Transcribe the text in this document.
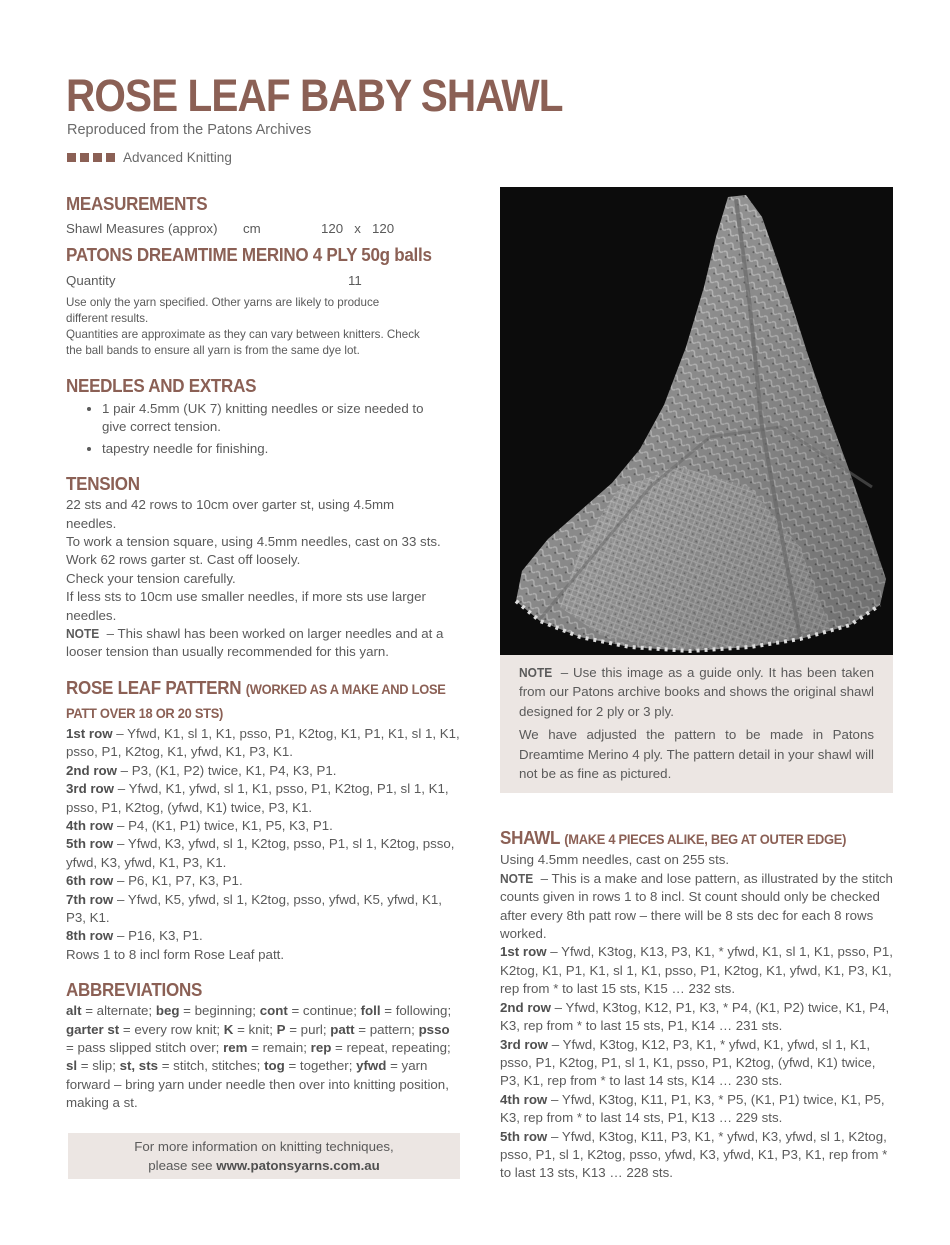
ROSE LEAF BABY SHAWL

Reproduced from the Patons Archives

Advanced Knitting
MEASUREMENTS
Shawl Measures (approx)	cm	120   x   120
PATONS DREAMTIME MERINO 4 PLY 50g balls
Quantity	11
Use only the yarn specified. Other yarns are likely to produce different results.
Quantities are approximate as they can vary between knitters. Check the ball bands to ensure all yarn is from the same dye lot.
NEEDLES AND EXTRAS
• 1 pair 4.5mm (UK 7) knitting needles or size needed to give correct tension.
• tapestry needle for finishing.
TENSION
22 sts and 42 rows to 10cm over garter st, using 4.5mm needles.
To work a tension square, using 4.5mm needles, cast on 33 sts.
Work 62 rows garter st. Cast off loosely.
Check your tension carefully.
If less sts to 10cm use smaller needles, if more sts use larger needles.
NOTE – This shawl has been worked on larger needles and at a looser tension than usually recommended for this yarn.
ROSE LEAF PATTERN (WORKED AS A MAKE AND LOSE
PATT OVER 18 OR 20 STS)
1st row – Yfwd, K1, sl 1, K1, psso, P1, K2tog, K1, P1, K1, sl 1, K1, psso, P1, K2tog, K1, yfwd, K1, P3, K1.
2nd row – P3, (K1, P2) twice, K1, P4, K3, P1.
3rd row – Yfwd, K1, yfwd, sl 1, K1, psso, P1, K2tog, P1, sl 1, K1, psso, P1, K2tog, (yfwd, K1) twice, P3, K1.
4th row – P4, (K1, P1) twice, K1, P5, K3, P1.
5th row – Yfwd, K3, yfwd, sl 1, K2tog, psso, P1, sl 1, K2tog, psso, yfwd, K3, yfwd, K1, P3, K1.
6th row – P6, K1, P7, K3, P1.
7th row – Yfwd, K5, yfwd, sl 1, K2tog, psso, yfwd, K5, yfwd, K1, P3, K1.
8th row – P16, K3, P1.
Rows 1 to 8 incl form Rose Leaf patt.
ABBREVIATIONS
alt = alternate; beg = beginning; cont = continue; foll = following; garter st = every row knit; K = knit; P = purl; patt = pattern; psso = pass slipped stitch over; rem = remain; rep = repeat, repeating; sl = slip; st, sts = stitch, stitches; tog = together; yfwd = yarn forward – bring yarn under needle then over into knitting position, making a st.
For more information on knitting techniques,
please see www.patonsyarns.com.au
NOTE – Use this image as a guide only. It has been taken from our Patons archive books and shows the original shawl designed for 2 ply or 3 ply.
We have adjusted the pattern to be made in Patons Dreamtime Merino 4 ply. The pattern detail in your shawl will not be as fine as pictured.
SHAWL (MAKE 4 PIECES ALIKE, BEG AT OUTER EDGE)
Using 4.5mm needles, cast on 255 sts.
NOTE – This is a make and lose pattern, as illustrated by the stitch counts given in rows 1 to 8 incl. St count should only be checked after every 8th patt row – there will be 8 sts dec for each 8 rows worked.
1st row – Yfwd, K3tog, K13, P3, K1, * yfwd, K1, sl 1, K1, psso, P1, K2tog, K1, P1, K1, sl 1, K1, psso, P1, K2tog, K1, yfwd, K1, P3, K1, rep from * to last 15 sts, K15 … 232 sts.
2nd row – Yfwd, K3tog, K12, P1, K3, * P4, (K1, P2) twice, K1, P4, K3, rep from * to last 15 sts, P1, K14 … 231 sts.
3rd row – Yfwd, K3tog, K12, P3, K1, * yfwd, K1, yfwd, sl 1, K1, psso, P1, K2tog, P1, sl 1, K1, psso, P1, K2tog, (yfwd, K1) twice, P3, K1, rep from * to last 14 sts, K14 … 230 sts.
4th row – Yfwd, K3tog, K11, P1, K3, * P5, (K1, P1) twice, K1, P5, K3, rep from * to last 14 sts, P1, K13 … 229 sts.
5th row – Yfwd, K3tog, K11, P3, K1, * yfwd, K3, yfwd, sl 1, K2tog, psso, P1, sl 1, K2tog, psso, yfwd, K3, yfwd, K1, P3, K1, rep from * to last 13 sts, K13 … 228 sts.
